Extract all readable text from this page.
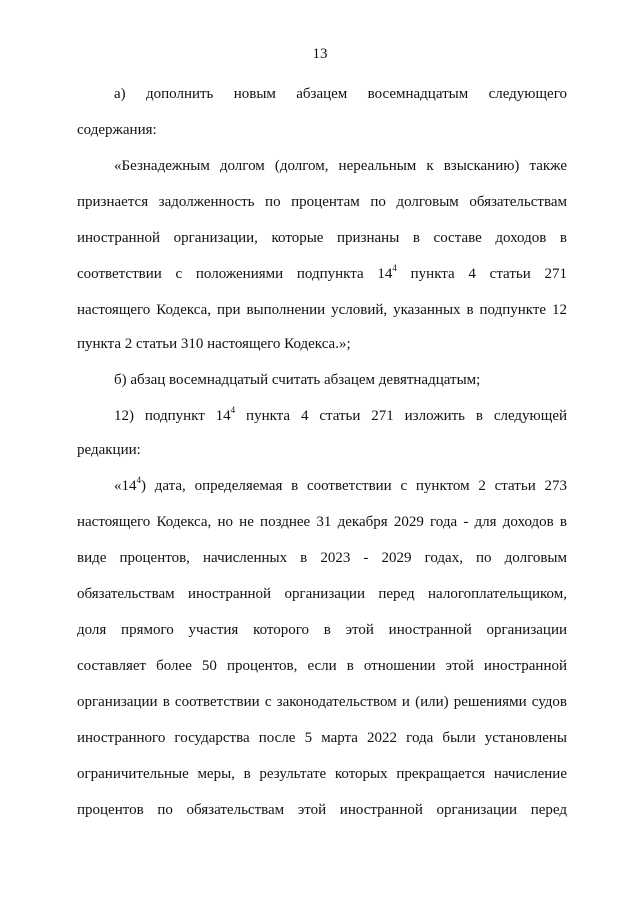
13
а) дополнить новым абзацем восемнадцатым следующего
содержания:
«Безнадежным долгом (долгом, нереальным к взысканию) также
признается задолженность по процентам по долговым обязательствам
иностранной организации, которые признаны в составе доходов в
соответствии с положениями подпункта $14^4$ пункта 4 статьи 271
настоящего Кодекса, при выполнении условий, указанных в подпункте 12
пункта 2 статьи 310 настоящего Кодекса.»;
б) абзац восемнадцатый считать абзацем девятнадцатым;
12) подпункт $14^4$ пункта 4 статьи 271 изложить в следующей
редакции:
«$14^4$) дата, определяемая в соответствии с пунктом 2 статьи 273
настоящего Кодекса, но не позднее 31 декабря 2029 года - для доходов в
виде процентов, начисленных в 2023 - 2029 годах, по долговым
обязательствам иностранной организации перед налогоплательщиком,
доля прямого участия которого в этой иностранной организации
составляет более 50 процентов, если в отношении этой иностранной
организации в соответствии с законодательством и (или) решениями судов
иностранного государства после 5 марта 2022 года были установлены
ограничительные меры, в результате которых прекращается начисление
процентов по обязательствам этой иностранной организации перед
